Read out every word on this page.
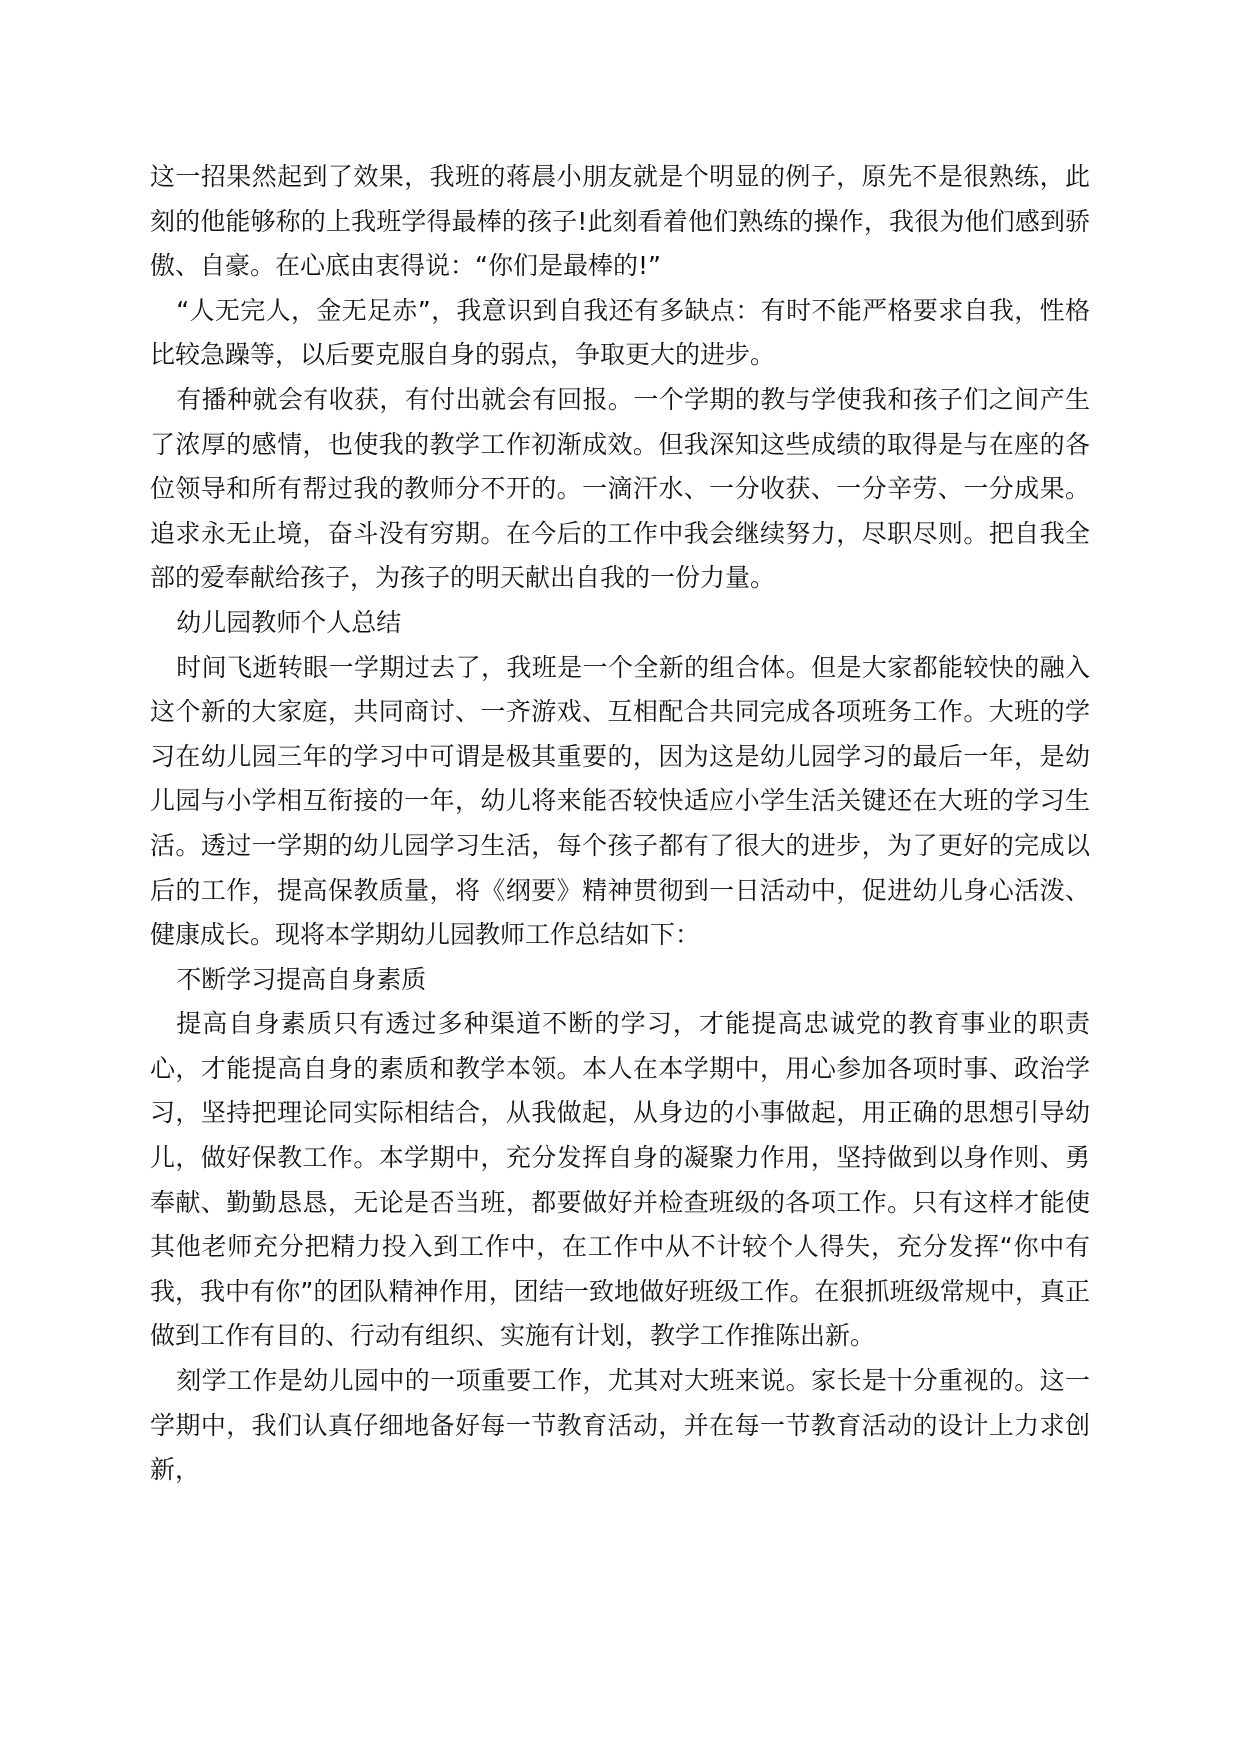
这一招果然起到了效果，我班的蒋晨小朋友就是个明显的例子，原先不是很熟练，此刻的他能够称的上我班学得最棒的孩子!此刻看着他们熟练的操作，我很为他们感到骄傲、自豪。在心底由衷得说：“你们是最棒的!”

“人无完人，金无足赤”，我意识到自我还有多缺点：有时不能严格要求自我，性格比较急躁等，以后要克服自身的弱点，争取更大的进步。

有播种就会有收获，有付出就会有回报。一个学期的教与学使我和孩子们之间产生了浓厚的感情，也使我的教学工作初渐成效。但我深知这些成绩的取得是与在座的各位领导和所有帮过我的教师分不开的。一滴汗水、一分收获、一分辛劳、一分成果。追求永无止境，奋斗没有穷期。在今后的工作中我会继续努力，尽职尽则。把自我全部的爱奉献给孩子，为孩子的明天献出自我的一份力量。

幼儿园教师个人总结

时间飞逝转眼一学期过去了，我班是一个全新的组合体。但是大家都能较快的融入这个新的大家庭，共同商讨、一齐游戏、互相配合共同完成各项班务工作。大班的学习在幼儿园三年的学习中可谓是极其重要的，因为这是幼儿园学习的最后一年，是幼儿园与小学相互衔接的一年，幼儿将来能否较快适应小学生活关键还在大班的学习生活。透过一学期的幼儿园学习生活，每个孩子都有了很大的进步，为了更好的完成以后的工作，提高保教质量，将《纲要》精神贯彻到一日活动中，促进幼儿身心活泼、健康成长。现将本学期幼儿园教师工作总结如下：

不断学习提高自身素质

提高自身素质只有透过多种渠道不断的学习，才能提高忠诚党的教育事业的职责心，才能提高自身的素质和教学本领。本人在本学期中，用心参加各项时事、政治学习，坚持把理论同实际相结合，从我做起，从身边的小事做起，用正确的思想引导幼儿，做好保教工作。本学期中，充分发挥自身的凝聚力作用，坚持做到以身作则、勇奉献、勤勤恳恳，无论是否当班，都要做好并检查班级的各项工作。只有这样才能使其他老师充分把精力投入到工作中，在工作中从不计较个人得失，充分发挥“你中有我，我中有你”的团队精神作用，团结一致地做好班级工作。在狠抓班级常规中，真正做到工作有目的、行动有组织、实施有计划，教学工作推陈出新。

刻学工作是幼儿园中的一项重要工作，尤其对大班来说。家长是十分重视的。这一学期中，我们认真仔细地备好每一节教育活动，并在每一节教育活动的设计上力求创新，
